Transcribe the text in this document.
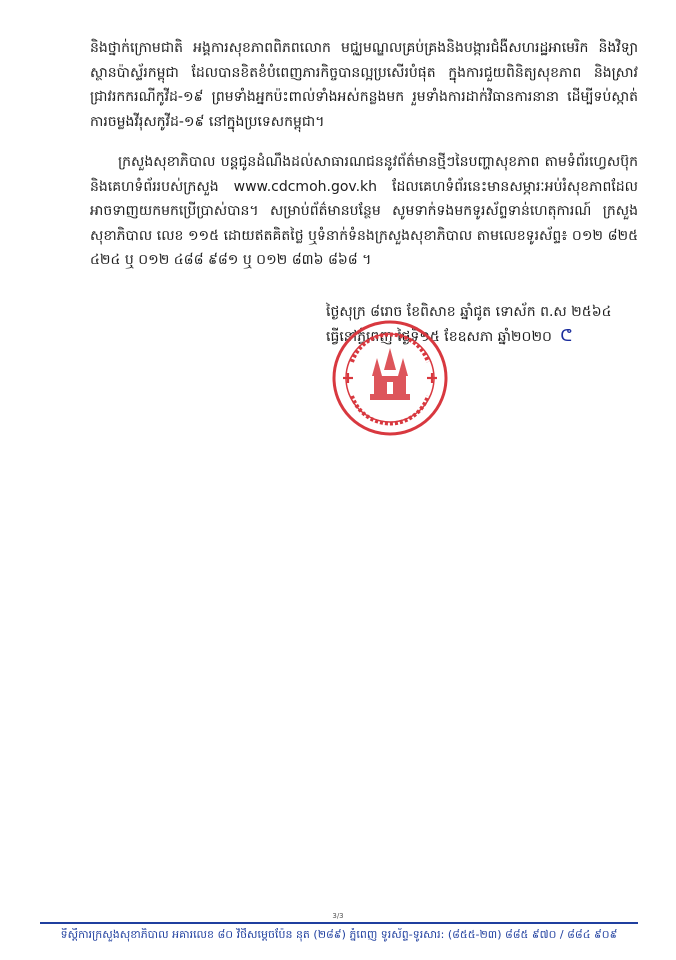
និងថ្នាក់ក្រោមជាតិ អង្គការសុខភាពពិភពលោក មជ្ឈមណ្ឌលគ្រប់គ្រងនិងបង្ការជំងឺសហរដ្ឋអាមេរិក និងវិទ្យាស្ថានប៉ាស្ទ័រកម្ពុជា ដែលបានខិតខំបំពេញភារកិច្ចបានល្អប្រសើរបំផុត ក្នុងការជួយពិនិត្យសុខភាព និងស្រាវជ្រាវរកករណីកូវីដ-១៩ ព្រមទាំងអ្នកប៉ះពាល់ទាំងអស់កន្លងមក រួមទាំងការដាក់វិធានការនានា ដើម្បីទប់ស្កាត់ការចម្លងវីរុសកូវីដ-១៩ នៅក្នុងប្រទេសកម្ពុជា។

ក្រសួងសុខាភិបាល បន្តជូនដំណឹងដល់សាធារណជននូវព័ត៌មានថ្មីៗនៃបញ្ហាសុខភាព តាមទំព័រហ្វេសប៊ុក និងគេហទំព័ររបស់ក្រសួង www.cdcmoh.gov.kh ដែលគេហទំព័រនេះមានសម្ភារៈអប់រំសុខភាពដែលអាចទាញយកមកប្រើប្រាស់បាន។ សម្រាប់ព័ត៌មានបន្ថែម សូមទាក់ទងមកទូរស័ព្ទទាន់ហេតុការណ៍ ក្រសួងសុខាភិបាល លេខ ១១៥ ដោយឥតគិតថ្លៃ ឬទំនាក់ទំនងក្រសួងសុខាភិបាល តាមលេខទូរស័ព្ទ៖ ០១២ ៨២៥ ៤២៤ ឬ ០១២ ៤៨៨ ៩៨១ ឬ ០១២ ៨៣៦ ៨៦៨ ។

ថ្ងៃសុក្រ ៨រោច ខែពិសាខ ឆ្នាំជូត ទោស័ក ព.ស ២៥៦៤
ធ្វើនៅភ្នំពេញ ថ្ងៃទី១៥ ខែឧសភា ឆ្នាំ២០២០ ᕦ
3/3
ទីស្តីការក្រសួងសុខាភិបាល អគារលេខ ៨០ វិថីសម្តេចប៉ែន នុត (២៨៩) ភ្នំពេញ ទូរស័ព្ទ-ទូរសារ: (៨៥៥-២៣) ៨៨៥ ៩៧០ / ៨៨៤ ៩០៩
